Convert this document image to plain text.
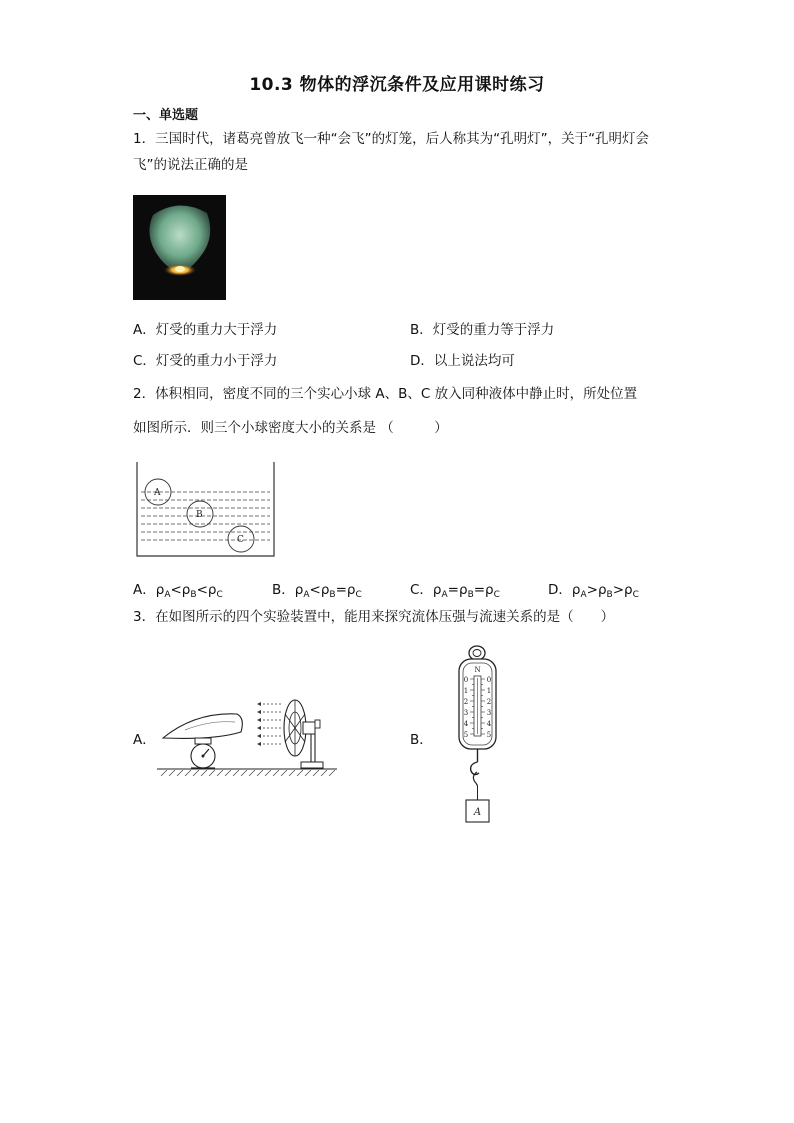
10.3 物体的浮沉条件及应用课时练习
一、单选题
1．三国时代，诸葛亮曾放飞一种“会飞”的灯笼，后人称其为“孔明灯”，关于“孔明灯会
飞”的说法正确的是
A．灯受的重力大于浮力	B．灯受的重力等于浮力
C．灯受的重力小于浮力	D．以上说法均可
2．体积相同，密度不同的三个实心小球 A、B、C 放入同种液体中静止时，所处位置
如图所示．则三个小球密度大小的关系是 （　　　）
A
B
C
A．$\rho_A<\rho_B<\rho_C$	B．$\rho_A<\rho_B=\rho_C$	C．$\rho_A=\rho_B=\rho_C$	D．$\rho_A>\rho_B>\rho_C$
3．在如图所示的四个实验装置中，能用来探究流体压强与流速关系的是（　　）
A．	B．
N
0
1
2
3
4
5
0
1
2
3
4
5
A
